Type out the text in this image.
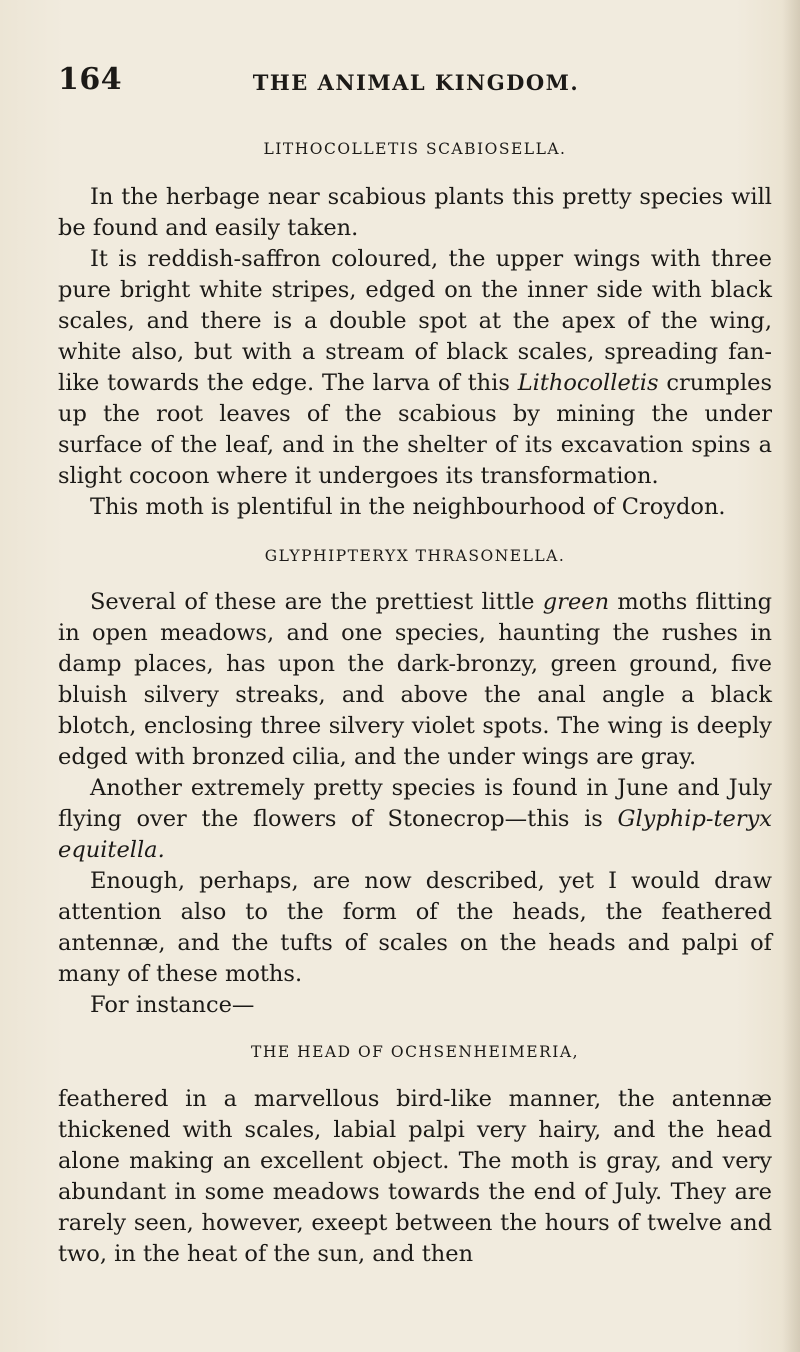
164	THE ANIMAL KINGDOM.
LITHOCOLLETIS SCABIOSELLA.

In the herbage near scabious plants this pretty species will be found and easily taken.

It is reddish-saffron coloured, the upper wings with three pure bright white stripes, edged on the inner side with black scales, and there is a double spot at the apex of the wing, white also, but with a stream of black scales, spreading fan-like towards the edge. The larva of this Lithocolletis crumples up the root leaves of the scabious by mining the under surface of the leaf, and in the shelter of its excavation spins a slight cocoon where it undergoes its transformation.

This moth is plentiful in the neighbourhood of Croydon.

GLYPHIPTERYX THRASONELLA.

Several of these are the prettiest little green moths flitting in open meadows, and one species, haunting the rushes in damp places, has upon the dark-bronzy, green ground, five bluish silvery streaks, and above the anal angle a black blotch, enclosing three silvery violet spots. The wing is deeply edged with bronzed cilia, and the under wings are gray.

Another extremely pretty species is found in June and July flying over the flowers of Stonecrop—this is Glyphip-teryx equitella.

Enough, perhaps, are now described, yet I would draw attention also to the form of the heads, the feathered antennæ, and the tufts of scales on the heads and palpi of many of these moths.

For instance—

THE HEAD OF OCHSENHEIMERIA,

feathered in a marvellous bird-like manner, the antennæ thickened with scales, labial palpi very hairy, and the head alone making an excellent object. The moth is gray, and very abundant in some meadows towards the end of July. They are rarely seen, however, exeept between the hours of twelve and two, in the heat of the sun, and then
